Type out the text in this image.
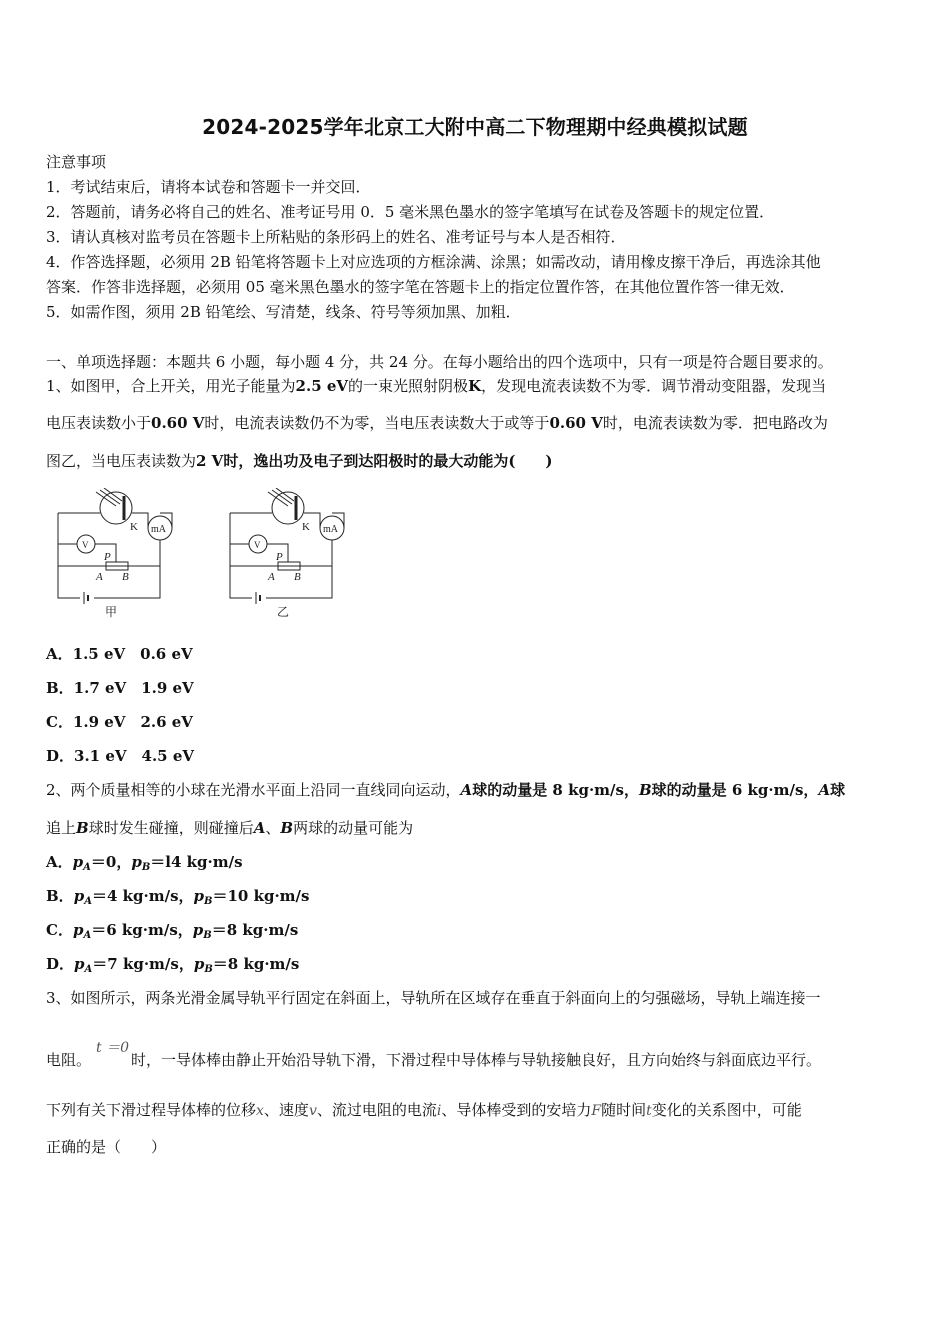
2024-2025学年北京工大附中高二下物理期中经典模拟试题
注意事项
1．考试结束后，请将本试卷和答题卡一并交回．
2．答题前，请务必将自己的姓名、准考证号用 0．5 毫米黑色墨水的签字笔填写在试卷及答题卡的规定位置．
3．请认真核对监考员在答题卡上所粘贴的条形码上的姓名、准考证号与本人是否相符．
4．作答选择题，必须用 2B 铅笔将答题卡上对应选项的方框涂满、涂黑；如需改动，请用橡皮擦干净后，再选涂其他
答案．作答非选择题，必须用 05 毫米黑色墨水的签字笔在答题卡上的指定位置作答，在其他位置作答一律无效．
5．如需作图，须用 2B 铅笔绘、写清楚，线条、符号等须加黑、加粗．
一、单项选择题：本题共 6 小题，每小题 4 分，共 24 分。在每小题给出的四个选项中，只有一项是符合题目要求的。
1、如图甲，合上开关，用光子能量为2.5 eV的一束光照射阴极K，发现电流表读数不为零．调节滑动变阻器，发现当
电压表读数小于0.60 V时，电流表读数仍不为零，当电压表读数大于或等于0.60 V时，电流表读数为零．把电路改为
图乙，当电压表读数为2 V时，逸出功及电子到达阳极时的最大动能为(　　)
K mA
V
P
A B
甲
K mA
V
P
A B
乙
A．1.5 eV　0.6 eV
B．1.7 eV　1.9 eV
C．1.9 eV　2.6 eV
D．3.1 eV　4.5 eV
2、两个质量相等的小球在光滑水平面上沿同一直线同向运动，A球的动量是 8 kg·m/s，B球的动量是 6 kg·m/s，A球
追上B球时发生碰撞，则碰撞后A、B两球的动量可能为
A．$p_A=0$，$p_B=l4$ kg·m/s
B．$p_A=4$ kg·m/s，$p_B=10$ kg·m/s
C．$p_A=6$ kg·m/s，$p_B=8$ kg·m/s
D．$p_A=7$ kg·m/s，$p_B=8$ kg·m/s
3、如图所示，两条光滑金属导轨平行固定在斜面上，导轨所在区域存在垂直于斜面向上的匀强磁场，导轨上端连接一
t ＝0
电阻。	时，一导体棒由静止开始沿导轨下滑，下滑过程中导体棒与导轨接触良好，且方向始终与斜面底边平行。
下列有关下滑过程导体棒的位移x、速度v、流过电阻的电流i、导体棒受到的安培力F随时间t变化的关系图中，可能
正确的是（　　）
